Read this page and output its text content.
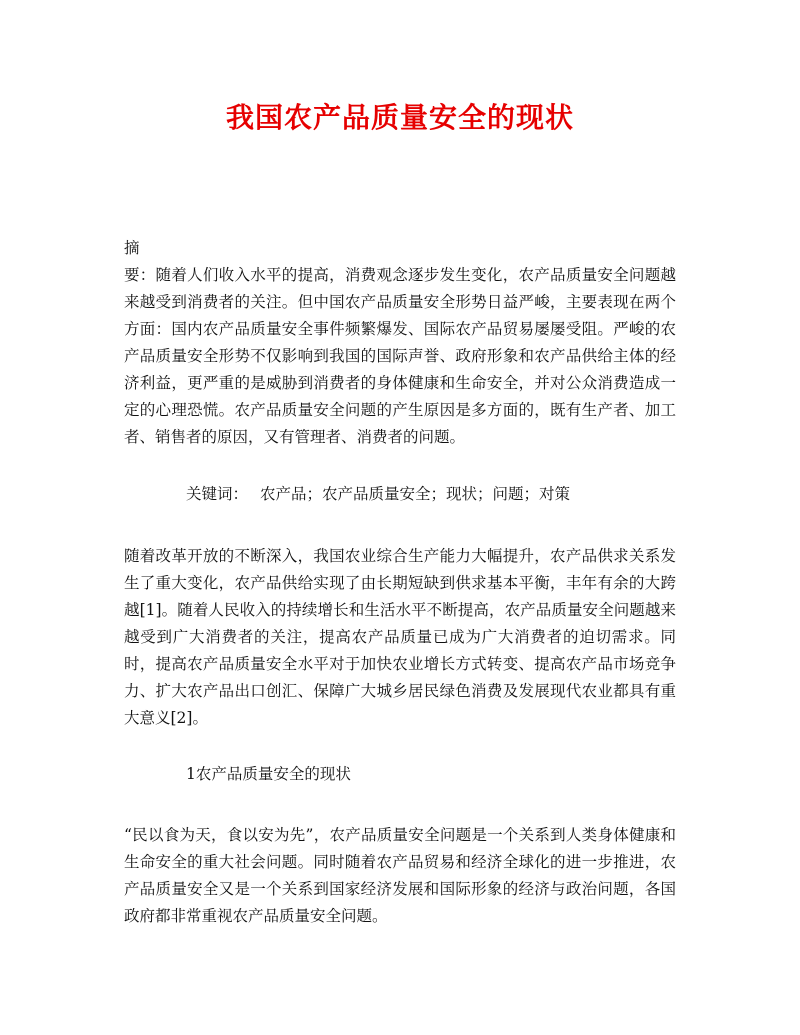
我国农产品质量安全的现状
摘
要：随着人们收入水平的提高，消费观念逐步发生变化，农产品质量安全问题越来越受到消费者的关注。但中国农产品质量安全形势日益严峻，主要表现在两个方面：国内农产品质量安全事件频繁爆发、国际农产品贸易屡屡受阻。严峻的农产品质量安全形势不仅影响到我国的国际声誉、政府形象和农产品供给主体的经济利益，更严重的是威胁到消费者的身体健康和生命安全，并对公众消费造成一定的心理恐慌。农产品质量安全问题的产生原因是多方面的，既有生产者、加工者、销售者的原因，又有管理者、消费者的问题。
关键词： 农产品；农产品质量安全；现状；问题；对策
随着改革开放的不断深入，我国农业综合生产能力大幅提升，农产品供求关系发生了重大变化，农产品供给实现了由长期短缺到供求基本平衡，丰年有余的大跨越[1]。随着人民收入的持续增长和生活水平不断提高，农产品质量安全问题越来越受到广大消费者的关注，提高农产品质量已成为广大消费者的迫切需求。同时，提高农产品质量安全水平对于加快农业增长方式转变、提高农产品市场竞争力、扩大农产品出口创汇、保障广大城乡居民绿色消费及发展现代农业都具有重大意义[2]。
1农产品质量安全的现状
“民以食为天，食以安为先”，农产品质量安全问题是一个关系到人类身体健康和生命安全的重大社会问题。同时随着农产品贸易和经济全球化的进一步推进，农产品质量安全又是一个关系到国家经济发展和国际形象的经济与政治问题，各国政府都非常重视农产品质量安全问题。
